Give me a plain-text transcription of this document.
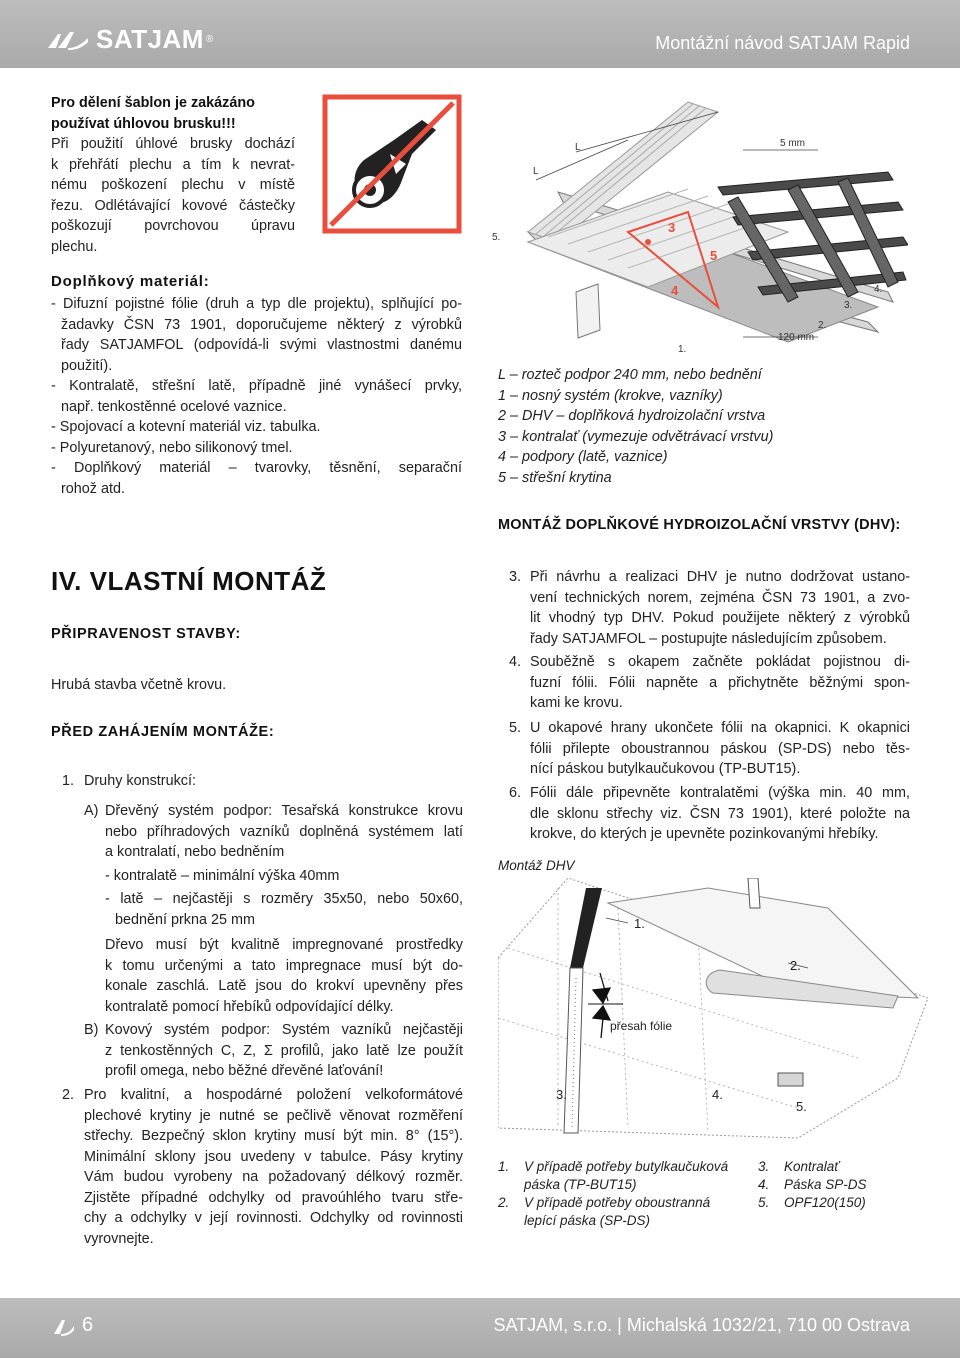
SATJAM ®	Montážní návod SATJAM Rapid
Pro dělení šablon je zakázáno
používat úhlovou brusku!!!
Při použití úhlové brusky dochází
k přehřátí plechu a tím k nevrat-
nému poškození plechu v místě
řezu. Odlétávající kovové částečky
poškozují povrchovou úpravu
plechu.
Doplňkový materiál:
- Difuzní pojistné fólie (druh a typ dle projektu), splňující po-
žadavky ČSN 73 1901, doporučujeme některý z výrobků
řady SATJAMFOL (odpovídá-li svými vlastnostmi danému
použití).
- Kontralatě, střešní latě, případně jiné vynášecí prvky,
např. tenkostěnné ocelové vaznice.
- Spojovací a kotevní materiál viz. tabulka.
- Polyuretanový, nebo silikonový tmel.
- Doplňkový materiál – tvarovky, těsnění, separační
rohož atd.
3
5
4
L
L	5 mm
120 mm
5.
1.
2.
3.
4.
L – rozteč podpor 240 mm, nebo bednění
1 – nosný systém (krokve, vazníky)
2 – DHV – doplňková hydroizolační vrstva
3 – kontralať (vymezuje odvětrávací vrstvu)
4 – podpory (latě, vaznice)
5 – střešní krytina
MONTÁŽ DOPLŇKOVÉ HYDROIZOLAČNÍ VRSTVY (DHV):
IV. VLASTNÍ MONTÁŽ
PŘIPRAVENOST STAVBY:
Hrubá stavba včetně krovu.
PŘED ZAHÁJENÍM MONTÁŽE:
1. Druhy konstrukcí:
A) Dřevěný systém podpor: Tesařská konstrukce krovu
nebo příhradových vazníků doplněná systémem latí
a kontralatí, nebo bedněním
- kontralatě – minimální výška 40mm
- latě – nejčastěji s rozměry 35x50, nebo 50x60,
bednění prkna 25 mm
Dřevo musí být kvalitně impregnované prostředky
k tomu určenými a tato impregnace musí být do-
konale zaschlá. Latě jsou do krokví upevněny přes
kontralatě pomocí hřebíků odpovídající délky.
B) Kovový systém podpor: Systém vazníků nejčastěji
z tenkostěnných C, Z, Σ profilů, jako latě lze použít
profil omega, nebo běžné dřevěné laťování!
2. Pro kvalitní, a hospodárné položení velkoformátové
plechové krytiny je nutné se pečlivě věnovat rozměření
střechy. Bezpečný sklon krytiny musí být min. 8° (15°).
Minimální sklony jsou uvedeny v tabulce. Pásy krytiny
Vám budou vyrobeny na požadovaný délkový rozměr.
Zjistěte případné odchylky od pravoúhlého tvaru stře-
chy a odchylky v její rovinnosti. Odchylky od rovinnosti
vyrovnejte.
3. Při návrhu a realizaci DHV je nutno dodržovat ustano-
vení technických norem, zejména ČSN 73 1901, a zvo-
lit vhodný typ DHV. Pokud použijete některý z výrobků
řady SATJAMFOL – postupujte následujícím způsobem.
4. Souběžně s okapem začněte pokládat pojistnou di-
fuzní fólii. Fólii napněte a přichytněte běžnými spon-
kami ke krovu.
5. U okapové hrany ukončete fólii na okapnici. K okapnici
fólii přilepte oboustrannou páskou (SP-DS) nebo těs-
nící páskou butylkaučukovou (TP-BUT15).
6. Fólii dále připevněte kontralatěmi (výška min. 40 mm,
dle sklonu střechy viz. ČSN 73 1901), které položte na
krokve, do kterých je upevněte pozinkovanými hřebíky.
Montáž DHV
1.
2.
3.	4.
5.
přesah fólie
1.	V případě potřeby butylkaučuková
páska (TP-BUT15)
2.	V případě potřeby oboustranná
lepící páska (SP-DS)
3.	Kontralať
4.	Páska SP-DS
5.	OPF120(150)
6	SATJAM, s.r.o. | Michalská 1032/21, 710 00 Ostrava
